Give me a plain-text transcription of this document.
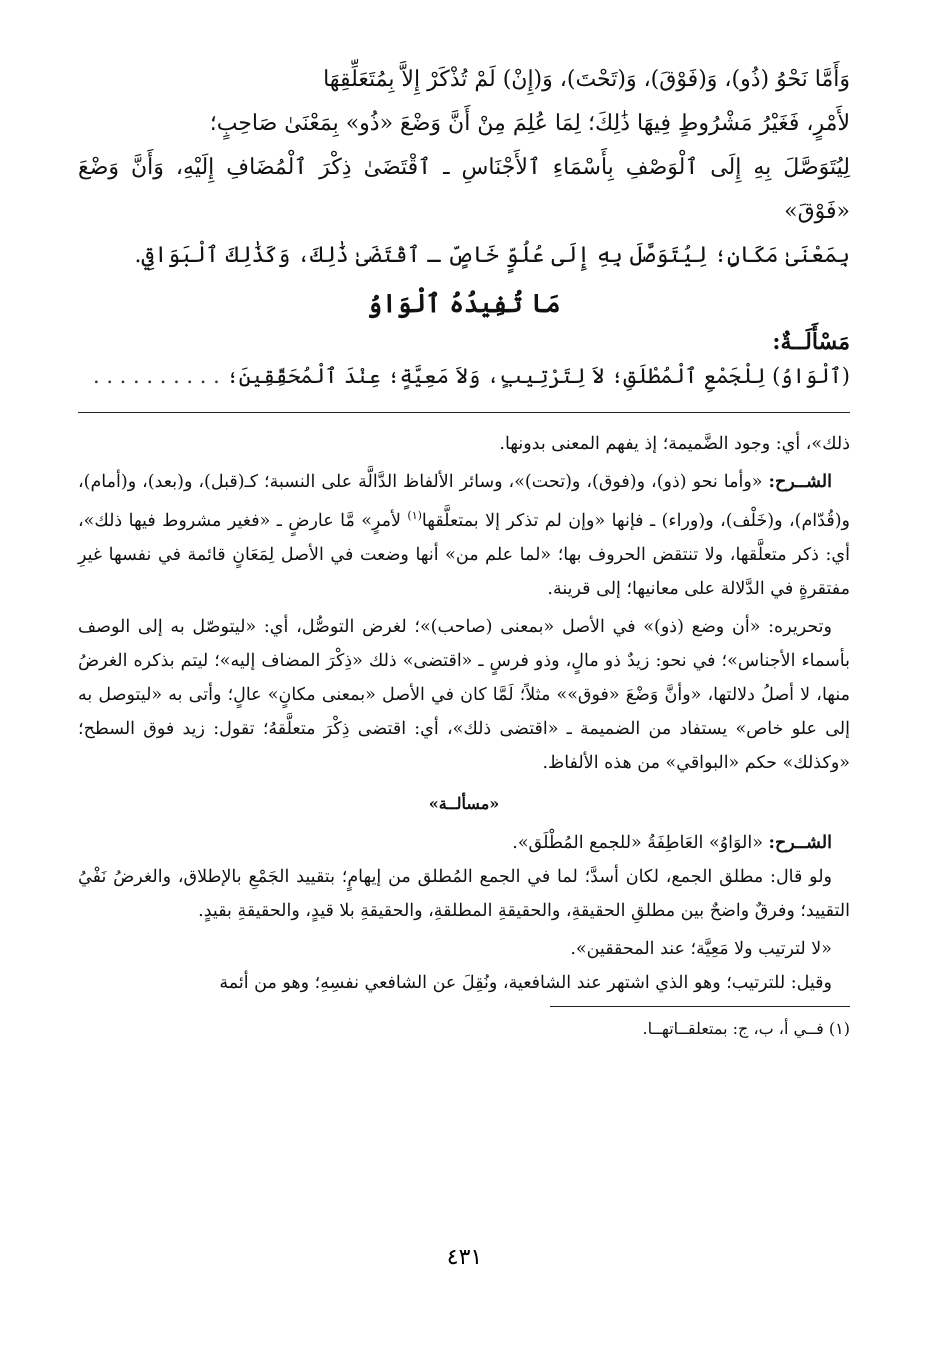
وَأَمَّا نَحْوُ (ذُو)، وَ(فَوْقَ)، وَ(تَحْتَ)، وَ(إِنْ) لَمْ تُذْكَرْ إِلاَّ بِمُتَعَلِّقِهَا

لأَمْرٍ، فَغَيْرُ مَشْرُوطٍ فِيهَا ذَٰلِكَ؛ لِمَا عُلِمَ مِنْ أَنَّ وَضْعَ «ذُو» بِمَعْنَىٰ صَاحِبٍ؛

لِيُتَوَصَّلَ بِهِ إِلَى ٱلْوَصْفِ بِأَسْمَاءِ ٱلأَجْنَاسِ ـ ٱقْتَضَىٰ ذِكْرَ ٱلْمُضَافِ إِلَيْهِ، وَأَنَّ وَضْعَ «فَوْقَ»

بِمَعْنَىٰ مَكَانٍ؛ لِيُتَوَصَّلَ بِهِ إِلَى عُلُوٍّ خَاصٍّ ـ ٱقْتَضَىٰ ذَٰلِكَ، وَكَذَٰلِكَ ٱلْبَوَاقِي.

مَا تُفِيدُهُ ٱلْوَاوُ

مَسْأَلَــةٌ:

(ٱلْوَاوُ) لِلْجَمْعِ ٱلْمُطْلَقِ؛ لاَ لِتَرْتِيبٍ، وَلاَ مَعِيَّةٍ؛ عِنْدَ ٱلْمُحَقِّقِينَ؛ . . . . . . . . . .

ذلك»، أي: وجود الضَّميمة؛ إذ يفهم المعنى بدونها.

الشــرح: «وأما نحو (ذو)، و(فوق)، و(تحت)»، وسائر الألفاظ الدَّالَّة على النسبة؛ كـ(قبل)، و(بعد)، و(أمام)، و(قُدّام)، و(خَلْف)، و(وراء) ـ فإنها «وإن لم تذكر إلا بمتعلَّقها$^{(١)}$ لأمرٍ» مَّا عارضٍ ـ «فغير مشروط فيها ذلك»، أي: ذكر متعلَّقها، ولا تنتقض الحروف بها؛ «لما علم من» أنها وضعت في الأصل لِمَعَانٍ قائمة في نفسها غيرِ مفتقرةٍ في الدَّلالة على معانيها؛ إلى قرينة.

وتحريره: «أن وضع (ذو)» في الأصل «بمعنى (صاحب)»؛ لغرض التوصُّل، أي: «ليتوصّل به إلى الوصف بأسماء الأجناس»؛ في نحو: زيدٌ ذو مالٍ، وذو فرسٍ ـ «اقتضى» ذلك «ذِكْرَ المضاف إليه»؛ ليتم بذكره الغرضُ منها، لا أصلُ دلالتها، «وأنَّ وَضْعَ «فوق»» مثلاً؛ لَمَّا كان في الأصل «بمعنى مكانٍ» عالٍ؛ وأتى به «ليتوصل به إلى علو خاص» يستفاد من الضميمة ـ «اقتضى ذلك»، أي: اقتضى ذِكْرَ متعلَّقهُ؛ تقول: زيد فوق السطح؛ «وكذلك» حكم «البواقي» من هذه الألفاظ.

«مسألــة»

الشــرح: «الوَاوُ» العَاطِفَةُ «للجمع المُطْلَق».

ولو قال: مطلق الجمع، لكان أسدَّ؛ لما في الجمع المُطلق من إيهامٍ؛ بتقييد الجَمْعِ بالإطلاق، والغرضُ نَفْيُ التقييد؛ وفرقٌ واضحٌ بين مطلقِ الحقيقةِ، والحقيقةِ المطلقةِ، والحقيقةِ بلا قيدٍ، والحقيقةِ بقيدٍ.

«لا لترتيب ولا مَعِيَّة؛ عند المحققين».

وقيل: للترتيب؛ وهو الذي اشتهر عند الشافعية، ونُقِلَ عن الشافعي نفسِهِ؛ وهو من أئمة

(١) فــي أ، ب، ج: بمتعلقــاتهــا.

٤٣١
